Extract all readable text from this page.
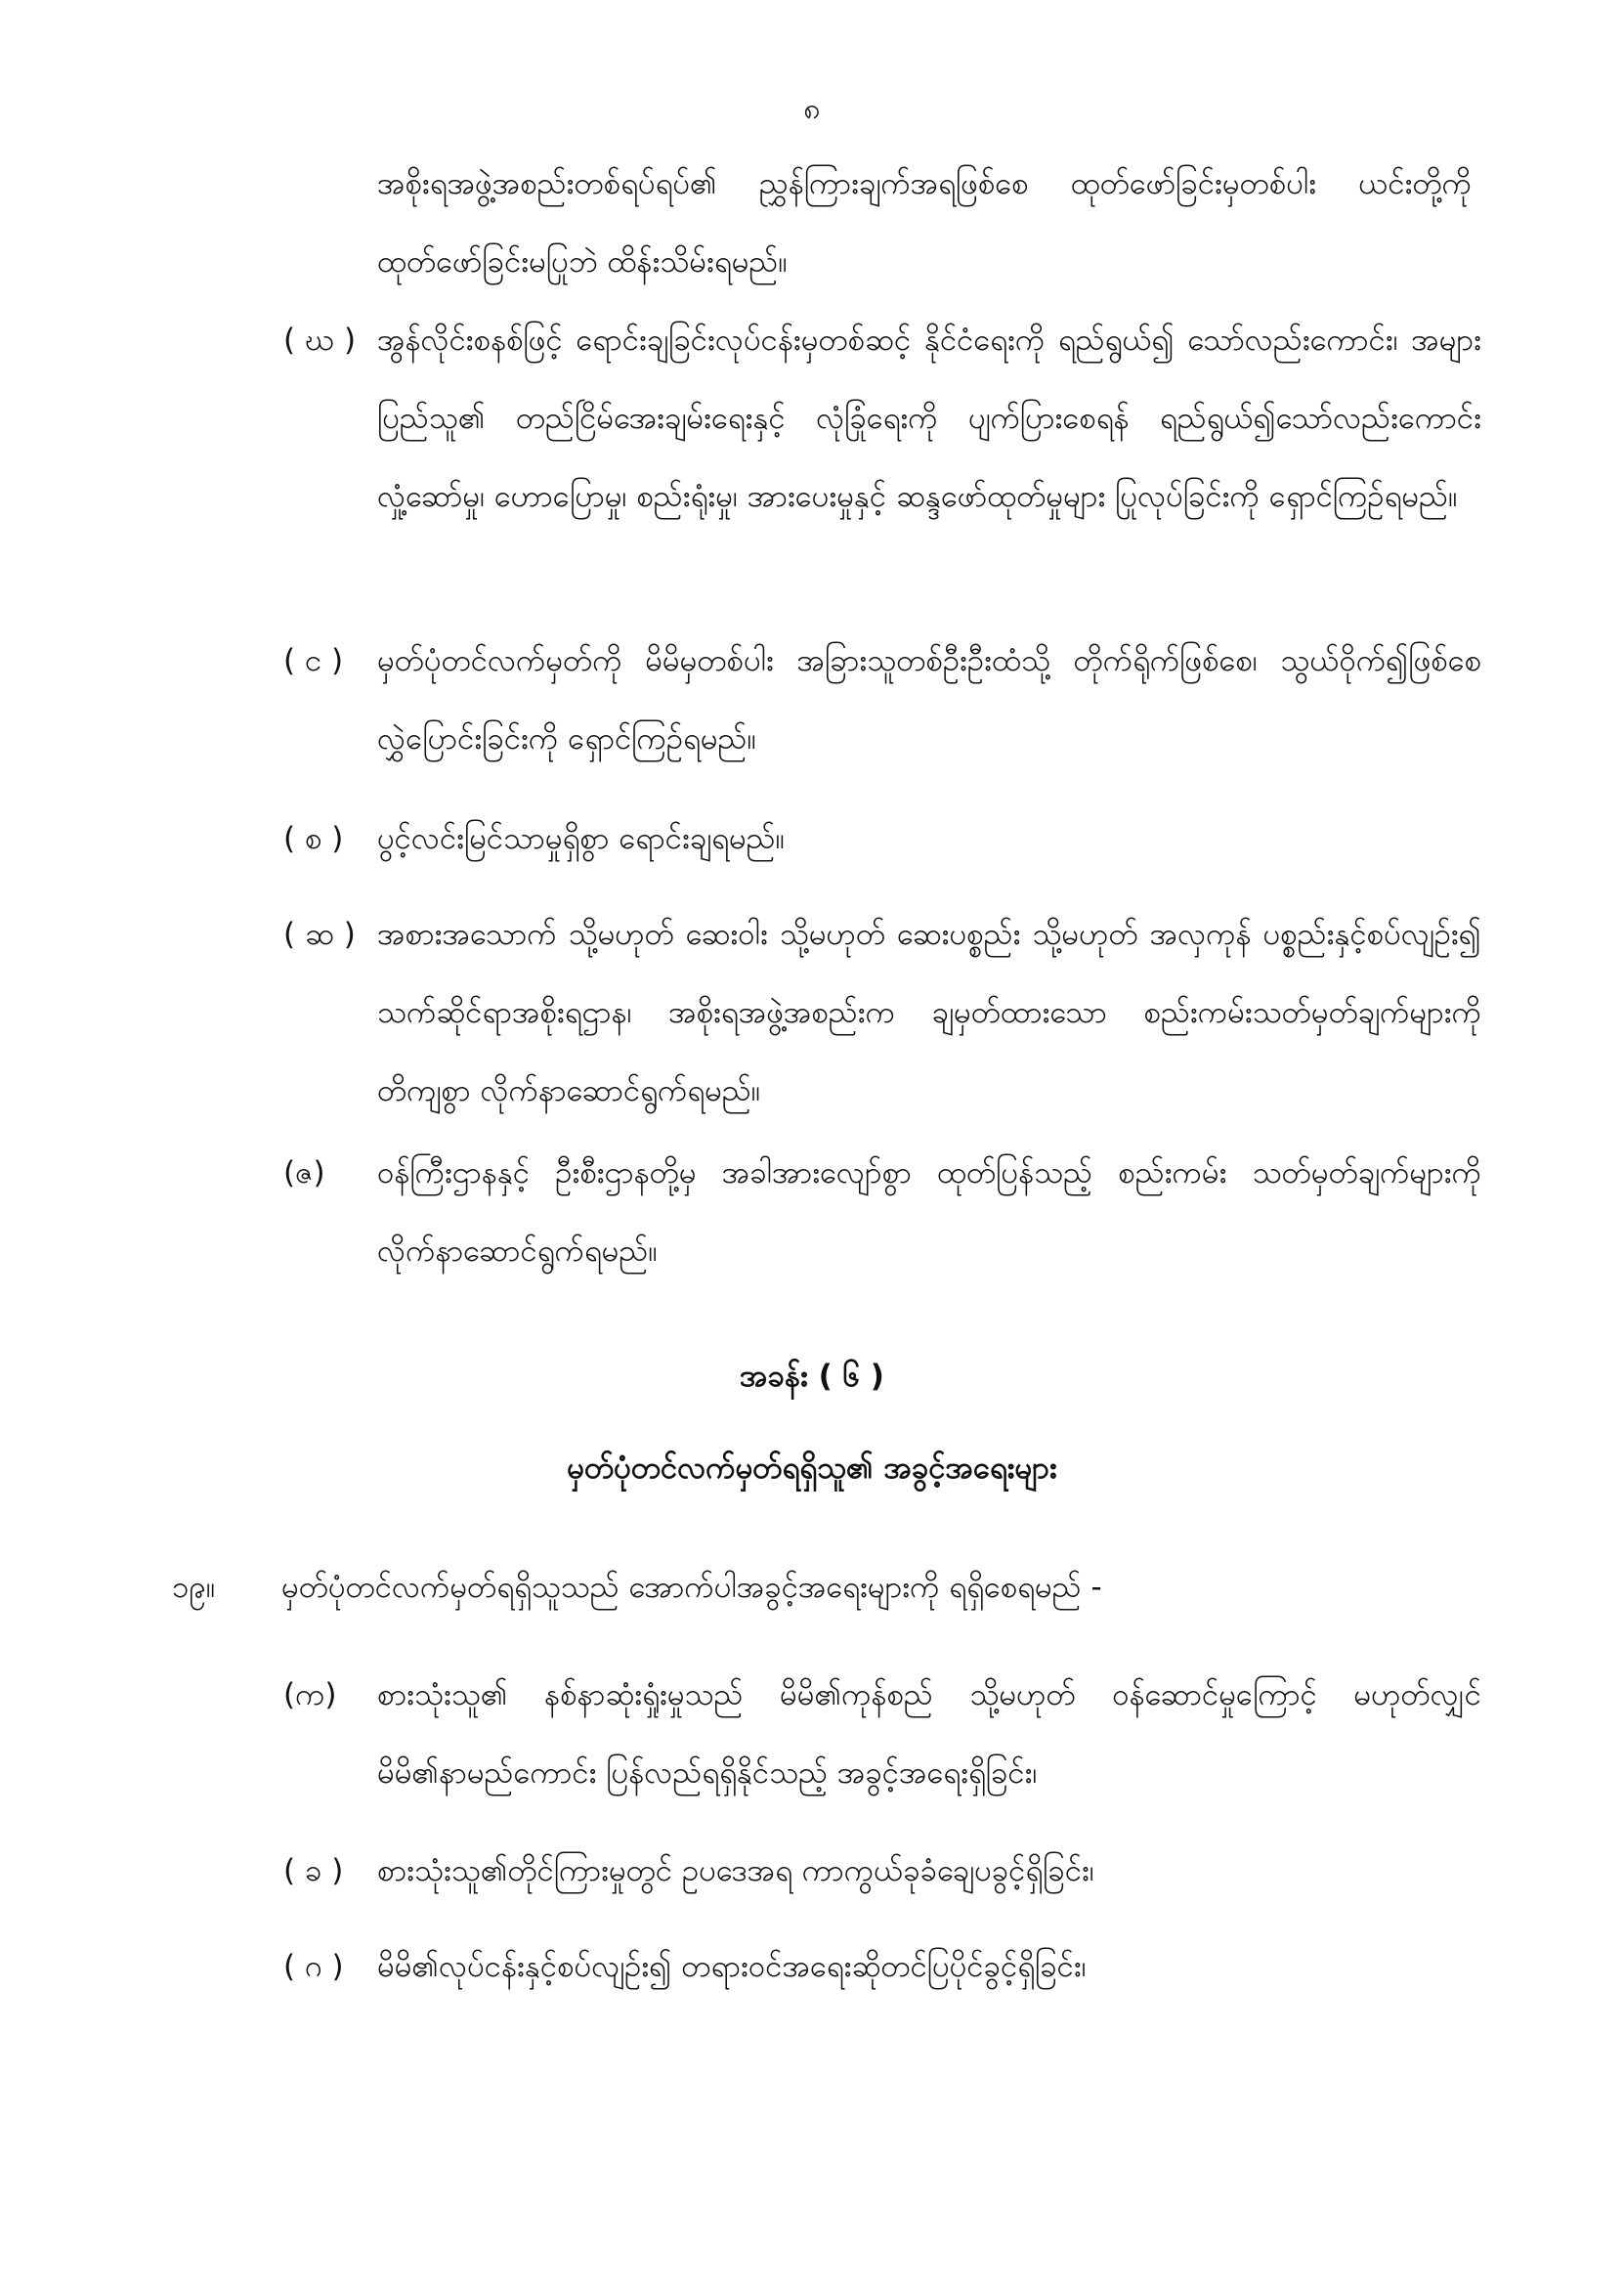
၈
အစိုးရအဖွဲ့အစည်းတစ်ရပ်ရပ်၏ ညွှန်ကြားချက်အရဖြစ်စေ ထုတ်ဖော်ခြင်းမှတစ်ပါး ယင်းတို့ကို ထုတ်ဖော်ခြင်းမပြုဘဲ ထိန်းသိမ်းရမည်။
( ဃ ) အွန်လိုင်းစနစ်ဖြင့် ရောင်းချခြင်းလုပ်ငန်းမှတစ်ဆင့် နိုင်ငံရေးကို ရည်ရွယ်၍ သော်လည်းကောင်း၊ အများပြည်သူ၏ တည်ငြိမ်အေးချမ်းရေးနှင့် လုံခြုံရေးကို ပျက်ပြားစေရန် ရည်ရွယ်၍သော်လည်းကောင်း လှုံ့ဆော်မှု၊ ဟောပြောမှု၊ စည်းရုံးမှု၊ အားပေးမှုနှင့် ဆန္ဒဖော်ထုတ်မှုများ ပြုလုပ်ခြင်းကို ရှောင်ကြဉ်ရမည်။
( င )	မှတ်ပုံတင်လက်မှတ်ကို မိမိမှတစ်ပါး အခြားသူတစ်ဦးဦးထံသို့ တိုက်ရိုက်ဖြစ်စေ၊ သွယ်ဝိုက်၍ဖြစ်စေ လွှဲပြောင်းခြင်းကို ရှောင်ကြဉ်ရမည်။
( စ )	ပွင့်လင်းမြင်သာမှုရှိစွာ ရောင်းချရမည်။
( ဆ ) အစားအသောက် သို့မဟုတ် ဆေးဝါး သို့မဟုတ် ဆေးပစ္စည်း သို့မဟုတ် အလှကုန် ပစ္စည်းနှင့်စပ်လျဉ်း၍ သက်ဆိုင်ရာအစိုးရဌာန၊ အစိုးရအဖွဲ့အစည်းက ချမှတ်ထားသော စည်းကမ်းသတ်မှတ်ချက်များကို တိကျစွာ လိုက်နာဆောင်ရွက်ရမည်။
(ဇ)	ဝန်ကြီးဌာနနှင့် ဦးစီးဌာနတို့မှ အခါအားလျော်စွာ ထုတ်ပြန်သည့် စည်းကမ်း သတ်မှတ်ချက်များကို လိုက်နာဆောင်ရွက်ရမည်။
အခန်း ( ၆ )
မှတ်ပုံတင်လက်မှတ်ရရှိသူ၏ အခွင့်အရေးများ
၁၉။	မှတ်ပုံတင်လက်မှတ်ရရှိသူသည် အောက်ပါအခွင့်အရေးများကို ရရှိစေရမည် -
(က)	စားသုံးသူ၏ နစ်နာဆုံးရှုံးမှုသည် မိမိ၏ကုန်စည် သို့မဟုတ် ဝန်ဆောင်မှုကြောင့် မဟုတ်လျှင် မိမိ၏နာမည်ကောင်း ပြန်လည်ရရှိနိုင်သည့် အခွင့်အရေးရှိခြင်း၊
( ခ )	စားသုံးသူ၏တိုင်ကြားမှုတွင် ဥပဒေအရ ကာကွယ်ခုခံချေပခွင့်ရှိခြင်း၊
( ဂ )	မိမိ၏လုပ်ငန်းနှင့်စပ်လျဉ်း၍ တရားဝင်အရေးဆိုတင်ပြပိုင်ခွင့်ရှိခြင်း၊
